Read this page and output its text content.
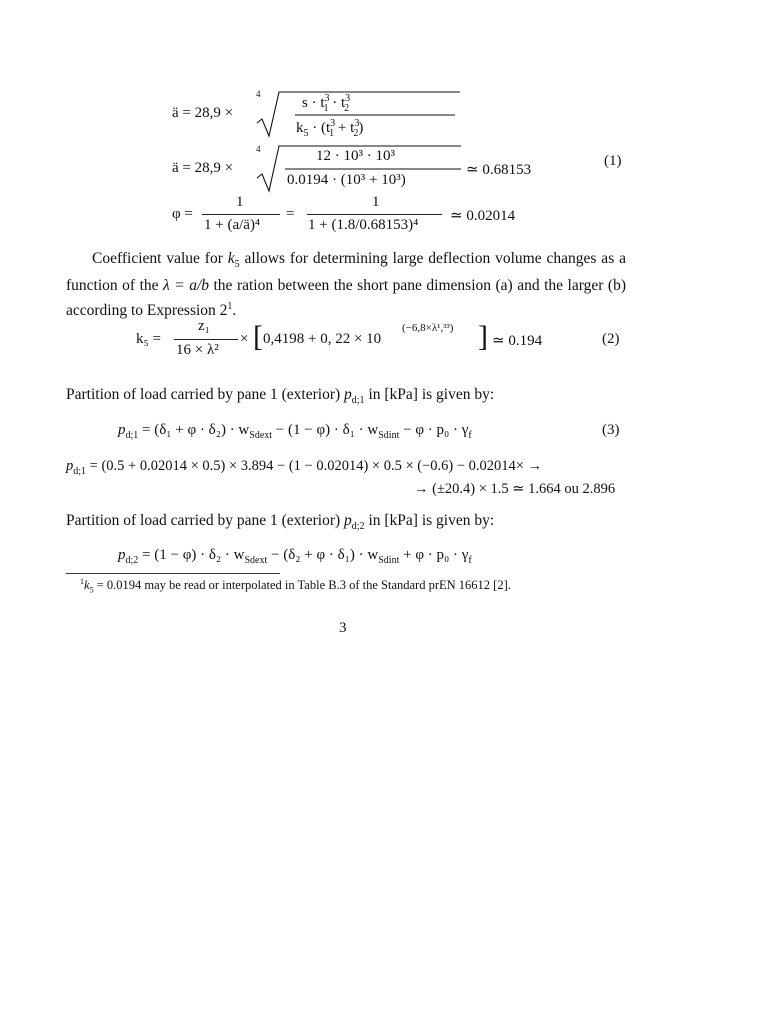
ä = 28,9 ×
4
$s \cdot t^3_1 \cdot t^3_2$
$k_5 \cdot (t^3_1 + t^3_2)$
ä = 28,9 ×
4	12 · 10³ · 10³
0.0194 · (10³ + 10³)
≃ 0.68153
(1)
φ =
1
1 + (a/ä)⁴
=
1
1 + (1.8/0.68153)⁴
≃ 0.02014
Coefficient value for $k_5$ allows for determining large deflection volume changes as a function of the λ = a/b the ration between the short pane dimension (a) and the larger (b) according to Expression $2^1$.
k₅ =
z₁
16 × λ²
× [ 0,4198 + 0, 22 × 10
(−6,8×λ¹,³³) ] ≃ 0.194	(2)
Partition of load carried by pane 1 (exterior) $p_{d;1}$ in [kPa] is given by:
$p_{d;1} = (\delta_1 + \varphi \cdot \delta_2) \cdot w_{Sdext} - (1 - \varphi) \cdot \delta_1 \cdot w_{Sdint} - \varphi \cdot p_0 \cdot \gamma_f$	(3)
$p_{d;1} = (0.5 + 0.02014 \times 0.5) \times 3.894 - (1 - 0.02014) \times 0.5 \times (-0.6) - 0.02014\times$ →
→ (±20.4) × 1.5 ≃ 1.664 ou 2.896
Partition of load carried by pane 1 (exterior) $p_{d;2}$ in [kPa] is given by:
$p_{d;2} = (1 - \varphi) \cdot \delta_2 \cdot w_{Sdext} - (\delta_2 + \varphi \cdot \delta_1) \cdot w_{Sdint} + \varphi \cdot p_0 \cdot \gamma_f$
$^1k_5 = 0.0194$ may be read or interpolated in Table B.3 of the Standard prEN 16612 [2].
3
